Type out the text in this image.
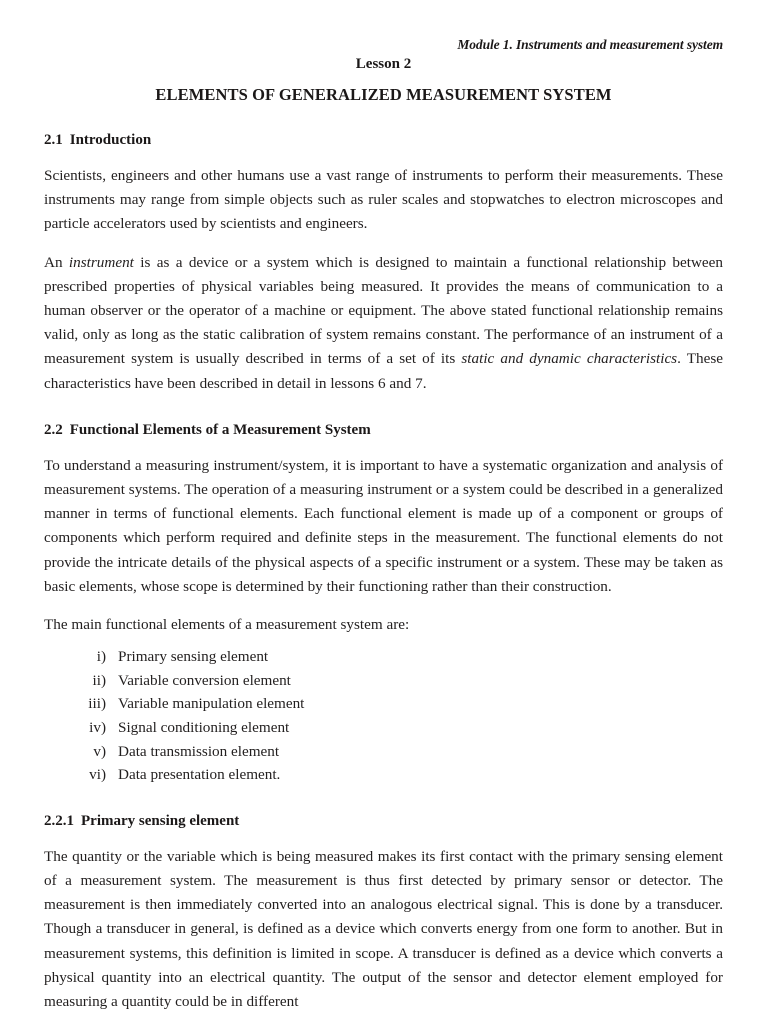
Module 1. Instruments and measurement system
Lesson 2
ELEMENTS OF GENERALIZED MEASUREMENT SYSTEM
2.1 Introduction

Scientists, engineers and other humans use a vast range of instruments to perform their measurements. These instruments may range from simple objects such as ruler scales and stopwatches to electron microscopes and particle accelerators used by scientists and engineers.

An instrument is as a device or a system which is designed to maintain a functional relationship between prescribed properties of physical variables being measured. It provides the means of communication to a human observer or the operator of a machine or equipment. The above stated functional relationship remains valid, only as long as the static calibration of system remains constant. The performance of an instrument of a measurement system is usually described in terms of a set of its static and dynamic characteristics. These characteristics have been described in detail in lessons 6 and 7.

2.2 Functional Elements of a Measurement System

To understand a measuring instrument/system, it is important to have a systematic organization and analysis of measurement systems. The operation of a measuring instrument or a system could be described in a generalized manner in terms of functional elements. Each functional element is made up of a component or groups of components which perform required and definite steps in the measurement. The functional elements do not provide the intricate details of the physical aspects of a specific instrument or a system. These may be taken as basic elements, whose scope is determined by their functioning rather than their construction.

The main functional elements of a measurement system are:

i) Primary sensing element
ii) Variable conversion element
iii) Variable manipulation element
iv) Signal conditioning element
v) Data transmission element
vi) Data presentation element.
2.2.1 Primary sensing element

The quantity or the variable which is being measured makes its first contact with the primary sensing element of a measurement system. The measurement is thus first detected by primary sensor or detector. The measurement is then immediately converted into an analogous electrical signal. This is done by a transducer. Though a transducer in general, is defined as a device which converts energy from one form to another. But in measurement systems, this definition is limited in scope. A transducer is defined as a device which converts a physical quantity into an electrical quantity. The output of the sensor and detector element employed for measuring a quantity could be in different
